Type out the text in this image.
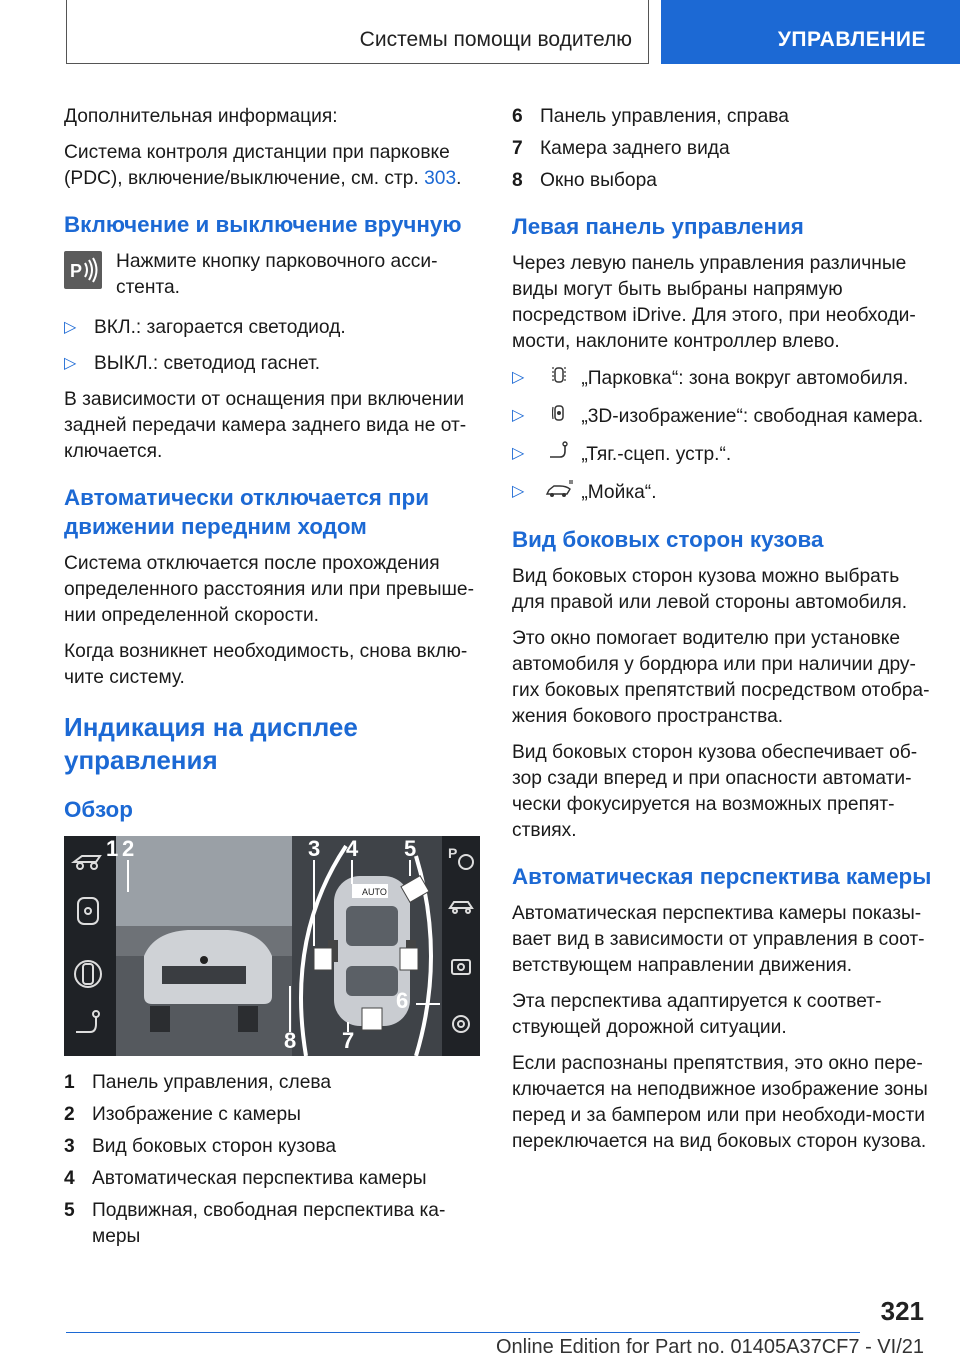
Системы помощи водителю	УПРАВЛЕНИЕ

Дополнительная информация:

Система контроля дистанции при парковке (PDC), включение/выключение, см. стр. 303.

Включение и выключение вручную
P Нажмите кнопку парковочного асси-стента.

▷ ВКЛ.: загорается светодиод.
▷ ВЫКЛ.: светодиод гаснет.

В зависимости от оснащения при включении задней передачи камера заднего вида не от-ключается.

Автоматически отключается при движении передним ходом

Система отключается после прохождения определенного расстояния или при превыше-нии определенной скорости.

Когда возникнет необходимость, снова вклю-чите систему.

Индикация на дисплее управления
Обзор
AUTO
P
1 2	3 4 5
6
7
8
1 Панель управления, слева
2 Изображение с камеры
3 Вид боковых сторон кузова
4 Автоматическая перспектива камеры
5 Подвижная, свободная перспектива ка-меры
6 Панель управления, справа
7 Камера заднего вида
8 Окно выбора
Левая панель управления

Через левую панель управления различные виды могут быть выбраны напрямую посредством iDrive. Для этого, при необходи-мости, наклоните контроллер влево.

▷	„Парковка“: зона вокруг автомобиля.
▷	„3D-изображение“: свободная камера.
▷	„Тяг.-сцеп. устр.“.
▷	„Мойка“.
Вид боковых сторон кузова

Вид боковых сторон кузова можно выбрать для правой или левой стороны автомобиля.

Это окно помогает водителю при установке автомобиля у бордюра или при наличии дру-гих боковых препятствий посредством отобра-жения бокового пространства.

Вид боковых сторон кузова обеспечивает об-зор сзади вперед и при опасности автомати-чески фокусируется на возможных препят-ствиях.

Автоматическая перспектива камеры

Автоматическая перспектива камеры показы-вает вид в зависимости от управления в соот-ветствующем направлении движения.

Эта перспектива адаптируется к соответ-ствующей дорожной ситуации.

Если распознаны препятствия, это окно пере-ключается на неподвижное изображение зоны перед и за бампером или при необходи-мости переключается на вид боковых сторон кузова.

321
Online Edition for Part no. 01405A37CF7 - VI/21
